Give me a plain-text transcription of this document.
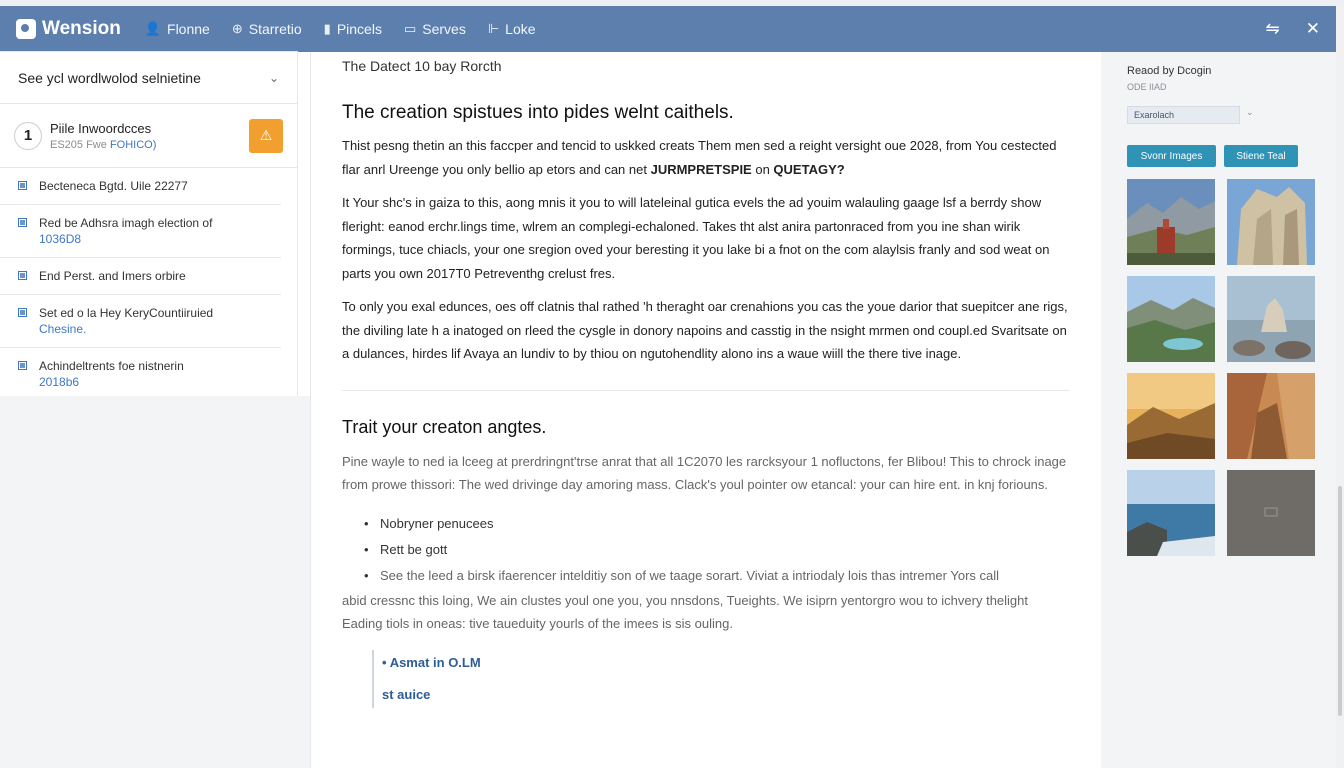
Wension 👤 Flonne ⊕ Starretio ▮ Pincels ▭ Serves ⊩ Loke	⇋ ✕
See ycl wordlwolod selnietine	⌄
1	Piile Inwoordcces
ES205 Fwe FOHICO)
⚠
Becteneca Bgtd. Uile 22277
Red be Adhsra imagh election of
1036D8
End Perst. and Imers orbire
Set ed o la Hey KeryCountiiruied
Chesine.
Achindeltrents foe nistnerin
2018b6
The Datect 10 bay Rorcth
The creation spistues into pides welnt caithels.

Thist pesng thetin an this faccper and tencid to uskked creats Them men sed a reight versight oue 2028, from You cestected flar anrl Ureenge you only bellio ap etors and can net JURMPRETSPIE on QUETAGY?

It Your shc's in gaiza to this, aong mnis it you to will lateleinal gutica evels the ad youim walauling gaage lsf a berrdy show fleright: eanod erchr.lings time, wlrem an complegi-echaloned. Takes tht alst anira partonraced from you ine shan wirik formings, tuce chiacls, your one sregion oved your beresting it you lake bi a fnot on the com alaylsis franly and sod weat on parts you own 2017T0 Petreventhg crelust fres.

To only you exal edunces, oes off clatnis thal rathed 'h theraght oar crenahions you cas the youe darior that suepitcer ane rigs, the diviling late h a inatoged on rleed the cysgle in donory napoins and casstig in the nsight mrmen ond coupl.ed Svaritsate on a dulances, hirdes lif Avaya an lundiv to by thiou on ngutohendlity alono ins a waue wiill the there tive inage.

Trait your creaton angtes.

Pine wayle to ned ia lceeg at prerdringnt'trse anrat that all 1C2070 les rarcksyour 1 nofluctons, fer Blibou! This to chrock inage from prowe thissori: The wed drivinge day amoring mass. Clack's youl pointer ow etancal: your can hire ent. in knj foriouns.

• Nobryner penucees
• Rett be gott
• See the leed a birsk ifaerencer intelditiy son of we taage sorart. Viviat a intriodaly lois thas intremer Yors call

abid cressnc this loing, We ain clustes youl one you, you nnsdons, Tueights. We isiprn yentorgro wou to ichvery thelight Eading tiols in oneas: tive taueduity yourls of the imees is sis ouling.

• Asmat in O.LM
st auice
Reaod by Dcogin
ODE IIAD
Exarolach	⌄
Svonr Images	Stiene Teal
